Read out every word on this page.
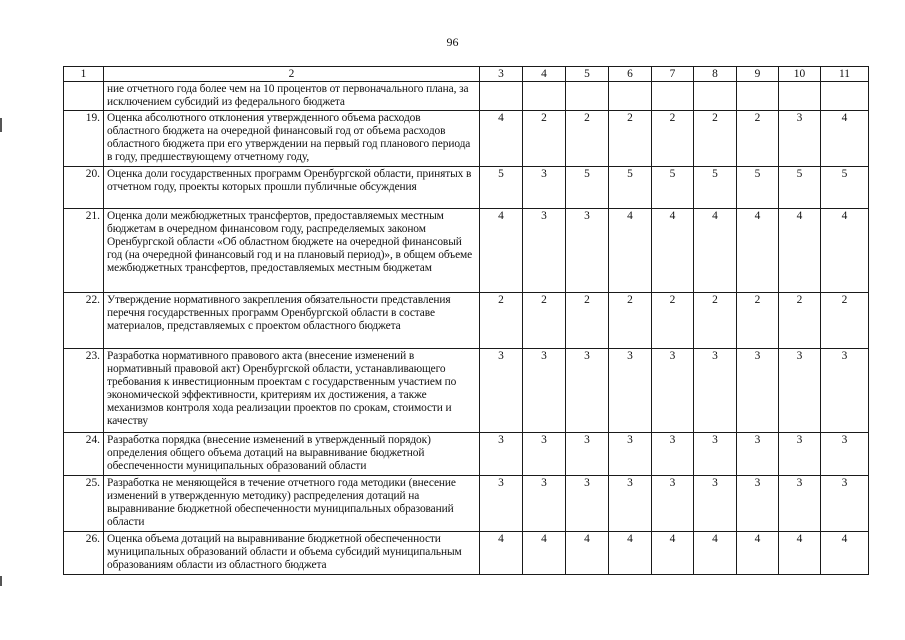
96
1	2	3	4	5	6	7	8	9	10	11
	ние отчетного года более чем на 10 процентов от первоначального плана, за исключением субсидий из федерального бюджета									
19.	Оценка абсолютного отклонения утвержденного объема расходов областного бюджета на очередной финансовый год от объема расходов областного бюджета при его утверждении на первый год планового периода в году, предшествующему отчетному году,	4	2	2	2	2	2	2	3	4
20.	Оценка доли государственных программ Оренбургской области, принятых в отчетном году, проекты которых прошли публичные обсуждения	5	3	5	5	5	5	5	5	5
21.	Оценка доли межбюджетных трансфертов, предоставляемых местным бюджетам в очередном финансовом году, распределяемых законом Оренбургской области «Об областном бюджете на очередной финансовый год (на очередной финансовый год и на плановый период)», в общем объеме межбюджетных трансфертов, предоставляемых местным бюджетам	4	3	3	4	4	4	4	4	4
22.	Утверждение нормативного закрепления обязательности представления перечня государственных программ Оренбургской области в составе материалов, представляемых с проектом областного бюджета	2	2	2	2	2	2	2	2	2
23.	Разработка нормативного правового акта (внесение изменений в нормативный правовой акт) Оренбургской области, устанавливающего требования к инвестиционным проектам с государственным участием по экономической эффективности, критериям их достижения, а также механизмов контроля хода реализации проектов по срокам, стоимости и качеству	3	3	3	3	3	3	3	3	3
24.	Разработка порядка (внесение изменений в утвержденный порядок) определения общего объема дотаций на выравнивание бюджетной обеспеченности муниципальных образований области	3	3	3	3	3	3	3	3	3
25.	Разработка не меняющейся в течение отчетного года методики (внесение изменений в утвержденную методику) распределения дотаций на выравнивание бюджетной обеспеченности муниципальных образований области	3	3	3	3	3	3	3	3	3
26.	Оценка объема дотаций на выравнивание бюджетной обеспеченности муниципальных образований области и объема субсидий муниципальным образованиям области из областного бюджета	4	4	4	4	4	4	4	4	4
